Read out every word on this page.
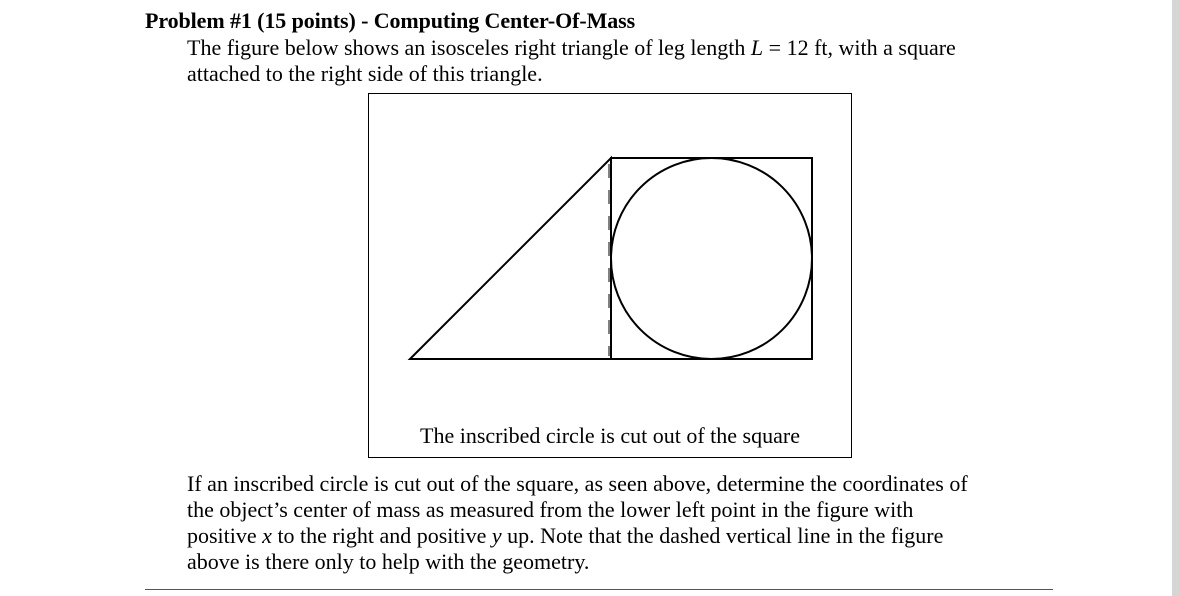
Problem #1 (15 points) - Computing Center-Of-Mass
The figure below shows an isosceles right triangle of leg length L = 12 ft, with a square
attached to the right side of this triangle.
The inscribed circle is cut out of the square
If an inscribed circle is cut out of the square, as seen above, determine the coordinates of
the object’s center of mass as measured from the lower left point in the figure with
positive x to the right and positive y up. Note that the dashed vertical line in the figure
above is there only to help with the geometry.
